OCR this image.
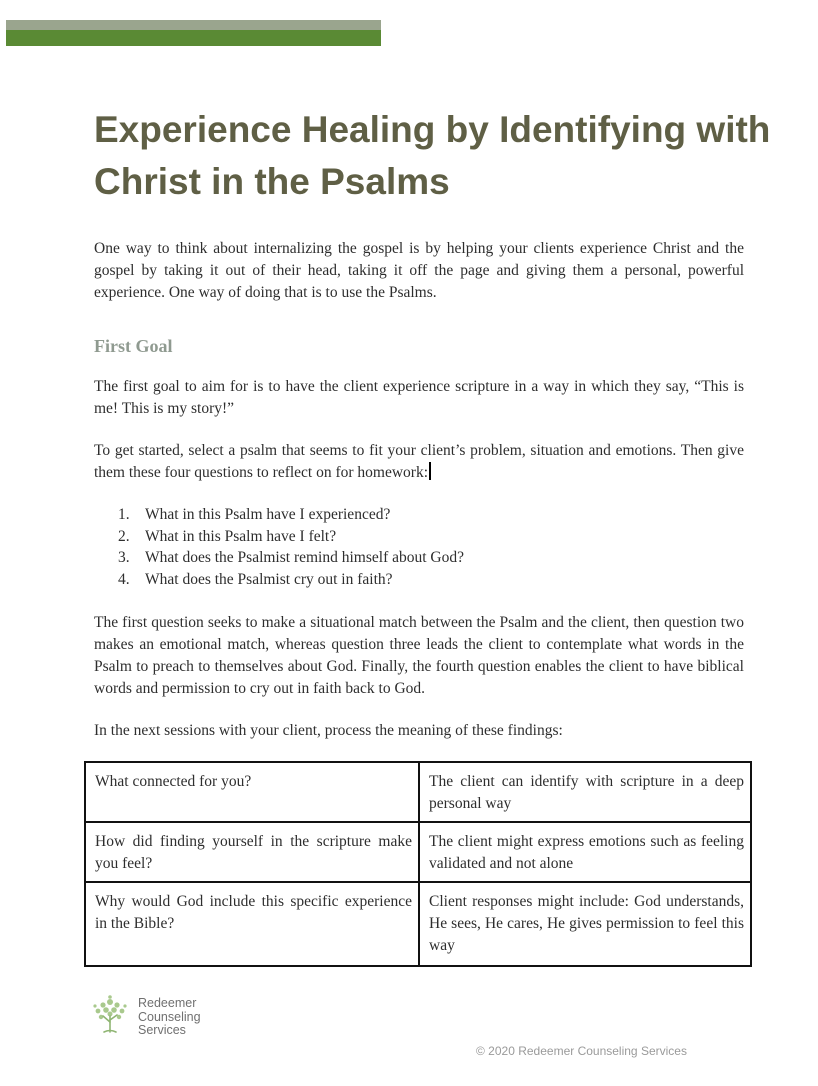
Experience Healing by Identifying with Christ in the Psalms

One way to think about internalizing the gospel is by helping your clients experience Christ and the gospel by taking it out of their head, taking it off the page and giving them a personal, powerful experience. One way of doing that is to use the Psalms.

First Goal

The first goal to aim for is to have the client experience scripture in a way in which they say, “This is me! This is my story!”

To get started, select a psalm that seems to fit your client’s problem, situation and emotions. Then give them these four questions to reflect on for homework:

1. What in this Psalm have I experienced?
2. What in this Psalm have I felt?
3. What does the Psalmist remind himself about God?
4. What does the Psalmist cry out in faith?

The first question seeks to make a situational match between the Psalm and the client, then question two makes an emotional match, whereas question three leads the client to contemplate what words in the Psalm to preach to themselves about God. Finally, the fourth question enables the client to have biblical words and permission to cry out in faith back to God.

In the next sessions with your client, process the meaning of these findings:

What connected for you?	The client can identify with scripture in a deep personal way
How did finding yourself in the scripture make you feel?	The client might express emotions such as feeling validated and not alone
Why would God include this specific experience in the Bible?	Client responses might include: God understands, He sees, He cares, He gives permission to feel this way
Redeemer
Counseling
Services
© 2020 Redeemer Counseling Services
